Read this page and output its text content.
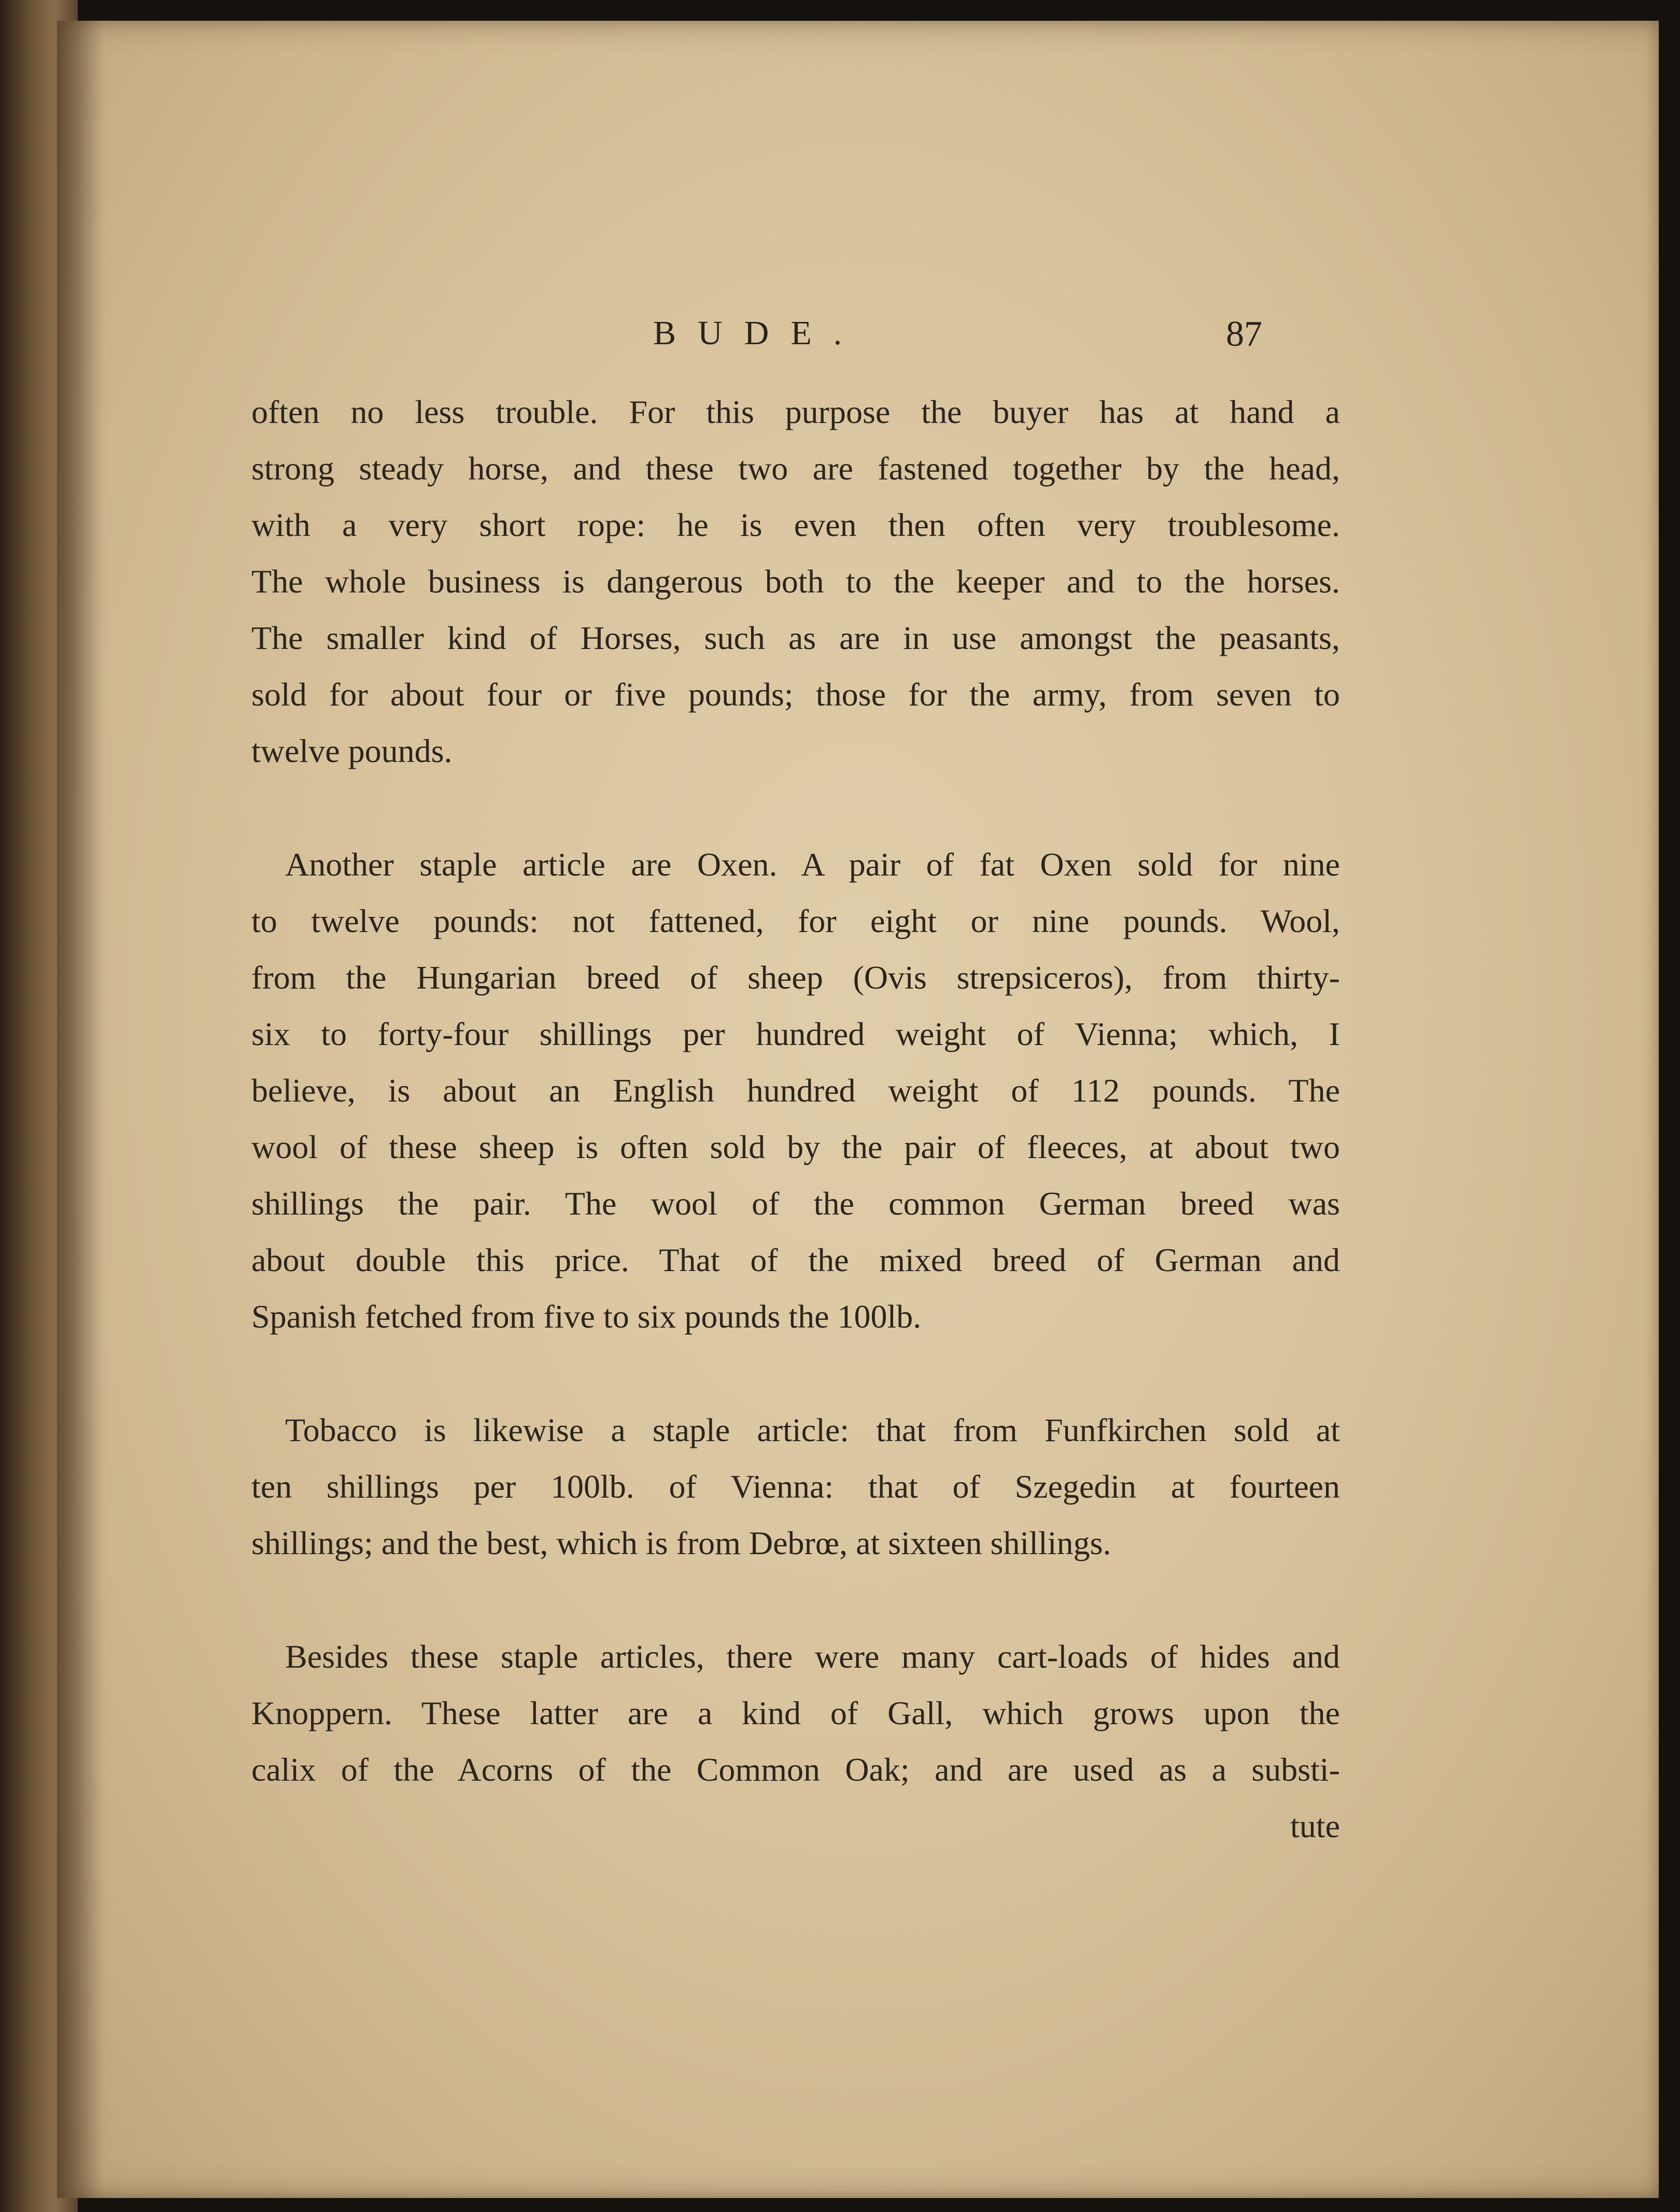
BUDE.	87

often no less trouble. For this purpose the buyer has at hand a
strong steady horse, and these two are fastened together by the head,
with a very short rope: he is even then often very troublesome.
The whole business is dangerous both to the keeper and to the horses.
The smaller kind of Horses, such as are in use amongst the peasants,
sold for about four or five pounds; those for the army, from seven to
twelve pounds.

Another staple article are Oxen. A pair of fat Oxen sold for nine
to twelve pounds: not fattened, for eight or nine pounds. Wool,
from the Hungarian breed of sheep (Ovis strepsiceros), from thirty-
six to forty-four shillings per hundred weight of Vienna; which, I
believe, is about an English hundred weight of 112 pounds. The
wool of these sheep is often sold by the pair of fleeces, at about two
shillings the pair. The wool of the common German breed was
about double this price. That of the mixed breed of German and
Spanish fetched from five to six pounds the 100lb.

Tobacco is likewise a staple article: that from Funfkirchen sold at
ten shillings per 100lb. of Vienna: that of Szegedin at fourteen
shillings; and the best, which is from Debrœ, at sixteen shillings.

Besides these staple articles, there were many cart-loads of hides and
Knoppern. These latter are a kind of Gall, which grows upon the
calix of the Acorns of the Common Oak; and are used as a substi-

tute
